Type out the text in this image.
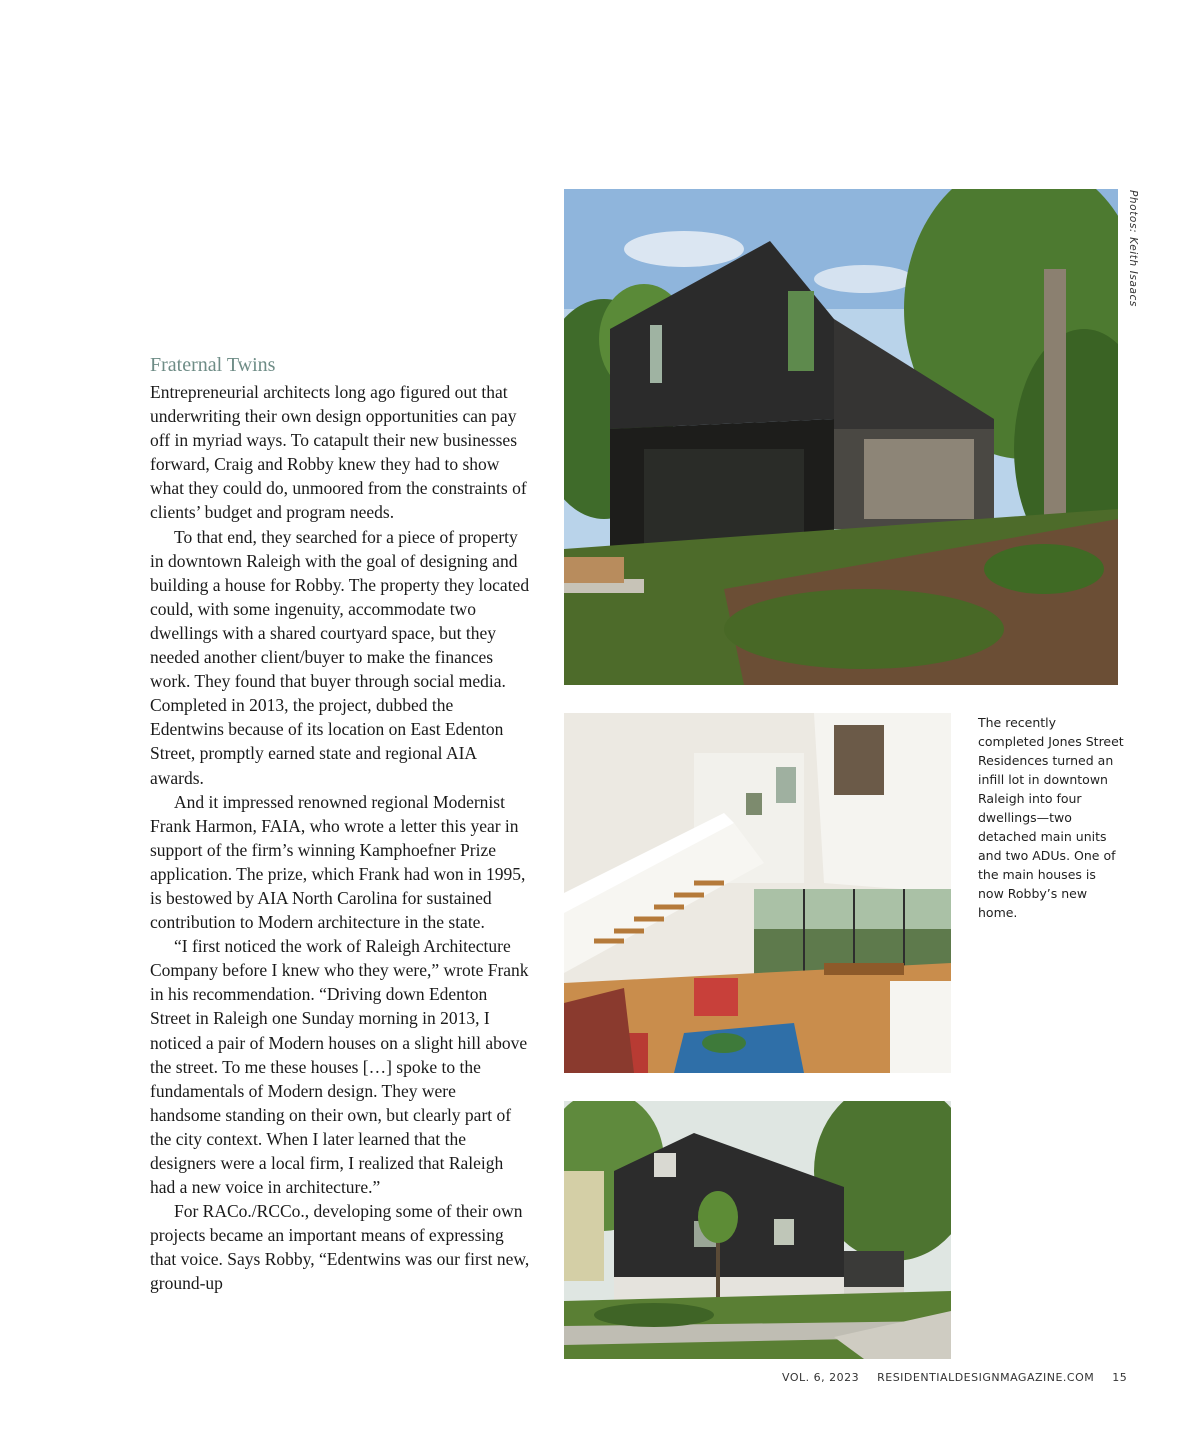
Fraternal Twins

Entrepreneurial architects long ago figured out that underwriting their own design opportunities can pay off in myriad ways. To catapult their new businesses forward, Craig and Robby knew they had to show what they could do, unmoored from the constraints of clients’ budget and program needs.

To that end, they searched for a piece of property in downtown Raleigh with the goal of designing and building a house for Robby. The property they located could, with some ingenuity, accommodate two dwellings with a shared courtyard space, but they needed another client/buyer to make the finances work. They found that buyer through social media. Completed in 2013, the project, dubbed the Edentwins because of its location on East Edenton Street, promptly earned state and regional AIA awards.

And it impressed renowned regional Modernist Frank Harmon, FAIA, who wrote a letter this year in support of the firm’s winning Kamphoefner Prize application. The prize, which Frank had won in 1995, is bestowed by AIA North Carolina for sustained contribution to Modern architecture in the state.

“I first noticed the work of Raleigh Architecture Company before I knew who they were,” wrote Frank in his recommendation. “Driving down Edenton Street in Raleigh one Sunday morning in 2013, I noticed a pair of Modern houses on a slight hill above the street. To me these houses […] spoke to the fundamentals of Modern design. They were handsome standing on their own, but clearly part of the city context. When I later learned that the designers were a local firm, I realized that Raleigh had a new voice in architecture.”

For RACo./RCCo., developing some of their own projects became an important means of expressing that voice. Says Robby, “Edentwins was our first new, ground-up

Photos: Keith Isaacs
The recently completed Jones Street Residences turned an infill lot in downtown Raleigh into four dwellings—two detached main units and two ADUs. One of the main houses is now Robby’s new home.
VOL. 6, 2023 RESIDENTIALDESIGNMAGAZINE.COM 15
